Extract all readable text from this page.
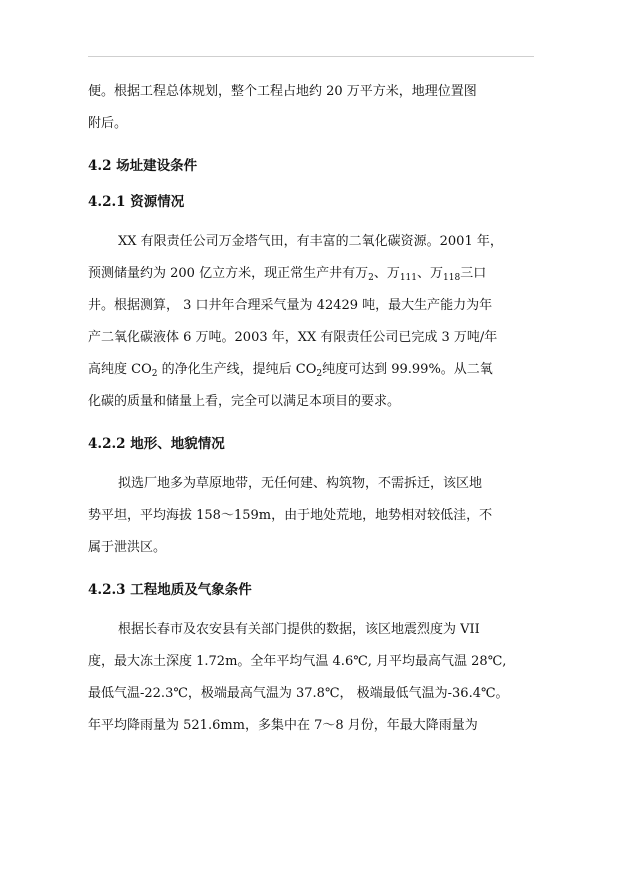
便。根据工程总体规划，整个工程占地约 20 万平方米，地理位置图

附后。

4.2 场址建设条件

4.2.1 资源情况

XX 有限责任公司万金塔气田，有丰富的二氧化碳资源。2001 年，

预测储量约为 200 亿立方米，现正常生产井有万$_2$、万$_{111}$、万$_{118}$三口

井。根据测算， 3 口井年合理采气量为 42429 吨，最大生产能力为年

产二氧化碳液体 6 万吨。2003 年，XX 有限责任公司已完成 3 万吨/年

高纯度 $CO_2$ 的净化生产线，提纯后 $CO_2$纯度可达到 99.99%。从二氧

化碳的质量和储量上看，完全可以满足本项目的要求。

4.2.2 地形、地貌情况

拟选厂地多为草原地带，无任何建、构筑物，不需拆迁，该区地

势平坦，平均海拔 158～159m，由于地处荒地，地势相对较低洼，不

属于泄洪区。

4.2.3 工程地质及气象条件

根据长春市及农安县有关部门提供的数据，该区地震烈度为 VII

度，最大冻土深度 1.72m。全年平均气温 4.6℃, 月平均最高气温 28℃,

最低气温-22.3℃，极端最高气温为 37.8℃， 极端最低气温为-36.4℃。

年平均降雨量为 521.6mm，多集中在 7～8 月份，年最大降雨量为
